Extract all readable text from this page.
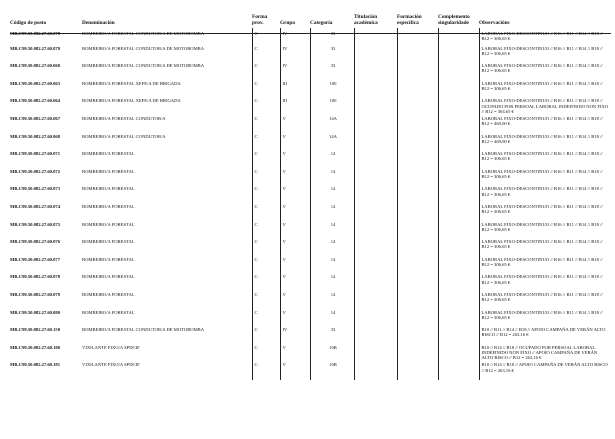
Código de posto	Denominación	Forma prov.	Grupo	Categoría	Titulación académica	Formación específica	Complemento singularidade	Observacións
MR.C99.50.082.27.60.078	BOMBEIRO/A FORESTAL CONDUTOR/A DE MOTOBOMBA	C	IV	33				LABORAL FIXO-DESCONTINUO // B16 // B11 // B14 // B18 // B12 = 306,65 €
MR.C99.50.082.27.60.079	BOMBEIRO/A FORESTAL CONDUTOR/A DE MOTOBOMBA	C	IV	33				LABORAL FIXO-DESCONTINUO // B16 // B11 // B14 // B18 // B12 = 306,65 €
MR.C99.50.082.27.60.060	BOMBEIRO/A FORESTAL CONDUTOR/A DE MOTOBOMBA	C	IV	33				LABORAL FIXO-DESCONTINUO // B16 // B11 // B14 // B18 // B12 = 306,65 €
MR.C99.50.082.27.60.063	BOMBEIRO/A FORESTAL XEFE/A DE BRIGADA	C	III	100				LABORAL FIXO-DESCONTINUO // B16 // B11 // B14 // B18 // B12 = 306,65 €
MR.C99.50.082.27.60.064	BOMBEIRO/A FORESTAL XEFE/A DE BRIGADA	C	III	100				LABORAL FIXO-DESCONTINUO // B16 // B11 // B14 // B18 // OCUPADO POR PERSOAL LABORAL INDEFINIDO NON FIXO // B12 = 304,65 €
MR.C99.50.082.27.60.067	BOMBEIRO/A FORESTAL CONDUTOR/A	C	V	14A				LABORAL FIXO-DESCONTINUO // B16 // B11 // B14 // B18 // B12 = 469,00 €
MR.C99.50.082.27.60.068	BOMBEIRO/A FORESTAL CONDUTOR/A	C	V	14A				LABORAL FIXO-DESCONTINUO // B16 // B11 // B14 // B18 // B12 = 469,00 €
MR.C99.50.082.27.60.071	BOMBEIRO/A FORESTAL	C	V	14				LABORAL FIXO-DESCONTINUO // B16 // B11 // B14 // B18 // B12 = 306,65 €
MR.C99.50.082.27.60.072	BOMBEIRO/A FORESTAL	C	V	14				LABORAL FIXO-DESCONTINUO // B16 // B11 // B14 // B18 // B12 = 306,65 €
MR.C99.50.082.27.60.073	BOMBEIRO/A FORESTAL	C	V	14				LABORAL FIXO-DESCONTINUO // B16 // B11 // B14 // B18 // B12 = 306,65 €
MR.C99.50.082.27.60.074	BOMBEIRO/A FORESTAL	C	V	14				LABORAL FIXO-DESCONTINUO // B16 // B11 // B14 // B18 // B12 = 306,65 €
MR.C99.50.082.27.60.075	BOMBEIRO/A FORESTAL	C	V	14				LABORAL FIXO-DESCONTINUO // B16 // B11 // B14 // B18 // B12 = 306,65 €
MR.C99.50.082.27.60.076	BOMBEIRO/A FORESTAL	C	V	14				LABORAL FIXO-DESCONTINUO // B16 // B11 // B14 // B18 // B12 = 306,65 €
MR.C99.50.082.27.60.077	BOMBEIRO/A FORESTAL	C	V	14				LABORAL FIXO-DESCONTINUO // B16 // B11 // B14 // B18 // B12 = 306,65 €
MR.C99.50.082.27.60.078	BOMBEIRO/A FORESTAL	C	V	14				LABORAL FIXO-DESCONTINUO // B16 // B11 // B14 // B18 // B12 = 306,65 €
MR.C99.50.082.27.60.079	BOMBEIRO/A FORESTAL	C	V	14				LABORAL FIXO-DESCONTINUO // B16 // B11 // B14 // B18 // B12 = 306,65 €
MR.C99.50.082.27.60.080	BOMBEIRO/A FORESTAL	C	V	14				LABORAL FIXO-DESCONTINUO // B16 // B11 // B14 // B18 // B12 = 306,65 €
MR.C99.50.082.27.60.150	BOMBEIRO/A FORESTAL CONDUTOR/A DE MOTOBOMBA	C	IV	33				B10 // B11 // B14 // B18 // APOIO CAMPAÑA DE VERÁN ALTO RISCO // B12 = 263,16 €
MR.C99.50.082.27.60.180	VIXILANTE FIXO/A SPDCIF	C	V	10B				B10 // B14 // B18 // OCUPADO POR PERSOAL LABORAL INDEFINIDO NON FIXO // APOIO CAMPAÑA DE VERÁN ALTO RISCO // B12 = 263,16 €
MR.C99.50.082.27.60.181	VIXILANTE FIXO/A SPDCIF	C	V	10B				B10 // B14 // B18 // APOIO CAMPAÑA DE VERÁN ALTO RISCO // B12 = 263,16 €
